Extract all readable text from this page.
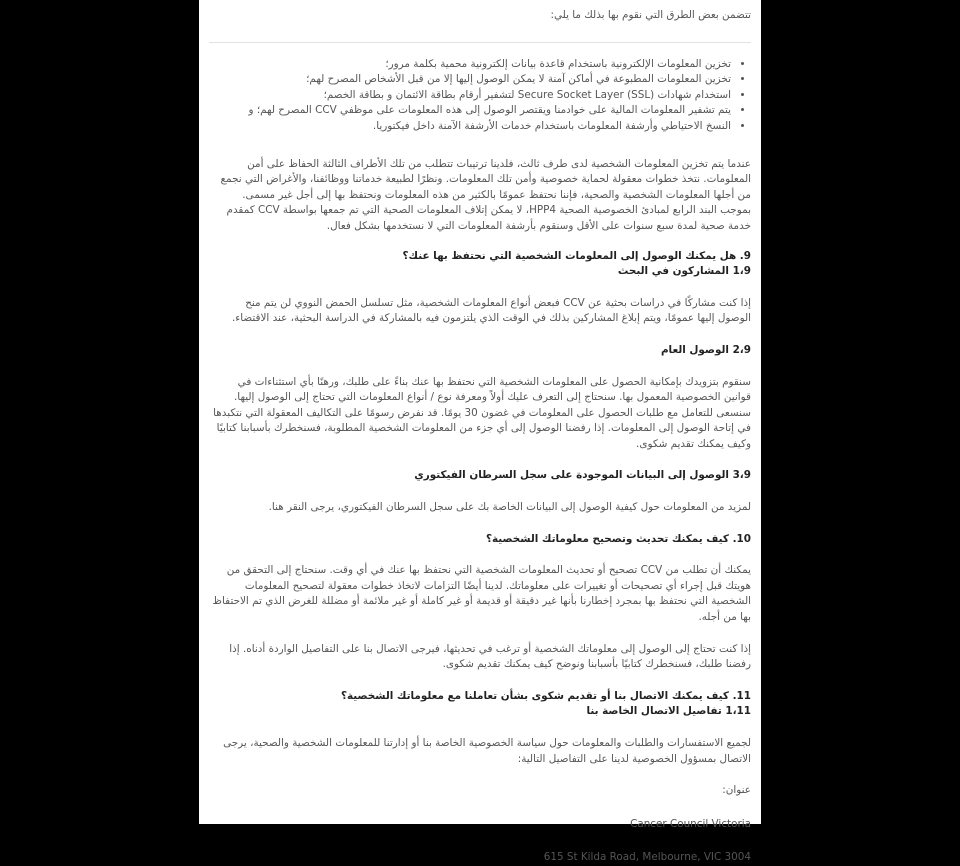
تتضمن بعض الطرق التي نقوم بها بذلك ما يلي:

• تخزين المعلومات الإلكترونية باستخدام قاعدة بيانات إلكترونية محمية بكلمة مرور؛
• تخزين المعلومات المطبوعة في أماكن آمنة لا يمكن الوصول إليها إلا من قبل الأشخاص المصرح لهم؛
• استخدام شهادات Secure Socket Layer (SSL) لتشفير أرقام بطاقة الائتمان و بطاقة الخصم؛
• يتم تشفير المعلومات المالية على خوادمنا ويقتصر الوصول إلى هذه المعلومات على موظفي CCV المصرح لهم؛ و
• النسخ الاحتياطي وأرشفة المعلومات باستخدام خدمات الأرشفة الآمنة داخل فيكتوريا.

عندما يتم تخزين المعلومات الشخصية لدى طرف ثالث، فلدينا ترتيبات تتطلب من تلك الأطراف الثالثة الحفاظ على أمن المعلومات. نتخذ خطوات معقولة لحماية خصوصية وأمن تلك المعلومات. ونظرًا لطبيعة خدماتنا ووظائفنا، والأغراض التي نجمع من أجلها المعلومات الشخصية والصحية، فإننا نحتفظ عمومًا بالكثير من هذه المعلومات ونحتفظ بها إلى أجل غير مسمى. بموجب البند الرابع لمبادئ الخصوصية الصحية HPP4، لا يمكن إتلاف المعلومات الصحية التي تم جمعها بواسطة CCV كمقدم خدمة صحية لمدة سبع سنوات على الأقل وسنقوم بأرشفة المعلومات التي لا نستخدمها بشكل فعال.

9. هل يمكنك الوصول إلى المعلومات الشخصية التي نحتفظ بها عنك؟

1،9 المشاركون في البحث

إذا كنت مشاركًا في دراسات بحثية عن CCV فبعض أنواع المعلومات الشخصية، مثل تسلسل الحمض النووي لن يتم منح الوصول إليها عمومًا، ويتم إبلاغ المشاركين بذلك في الوقت الذي يلتزمون فيه بالمشاركة في الدراسة البحثية، عند الاقتضاء.

2،9 الوصول العام

سنقوم بتزويدك بإمكانية الحصول على المعلومات الشخصية التي نحتفظ بها عنك بناءً على طلبك، ورهنًا بأي استثناءات في قوانين الخصوصية المعمول بها. سنحتاج إلى التعرف عليك أولاً ومعرفة نوع / أنواع المعلومات التي تحتاج إلى الوصول إليها. سنسعى للتعامل مع طلبات الحصول على المعلومات في غضون 30 يومًا. قد نفرض رسومًا على التكاليف المعقولة التي نتكبدها في إتاحة الوصول إلى المعلومات. إذا رفضنا الوصول إلى أي جزء من المعلومات الشخصية المطلوبة، فسنخطرك بأسبابنا كتابيًا وكيف يمكنك تقديم شكوى.

3،9 الوصول إلى البيانات الموجودة على سجل السرطان الفيكتوري

لمزيد من المعلومات حول كيفية الوصول إلى البيانات الخاصة بك على سجل السرطان الفيكتوري، يرجى النقر هنا.

10. كيف يمكنك تحديث وتصحيح معلوماتك الشخصية؟

يمكنك أن تطلب من CCV تصحيح أو تحديث المعلومات الشخصية التي نحتفظ بها عنك في أي وقت. سنحتاج إلى التحقق من هويتك قبل إجراء أي تصحيحات أو تغييرات على معلوماتك. لدينا أيضًا التزامات لاتخاذ خطوات معقولة لتصحيح المعلومات الشخصية التي نحتفظ بها بمجرد إخطارنا بأنها غير دقيقة أو قديمة أو غير كاملة أو غير ملائمة أو مضللة للغرض الذي تم الاحتفاظ بها من أجله.

إذا كنت تحتاج إلى الوصول إلى معلوماتك الشخصية أو ترغب في تحديثها، فيرجى الاتصال بنا على التفاصيل الواردة أدناه. إذا رفضنا طلبك، فسنخطرك كتابيًا بأسبابنا ونوضح كيف يمكنك تقديم شكوى.

11. كيف يمكنك الاتصال بنا أو تقديم شكوى بشأن تعاملنا مع معلوماتك الشخصية؟

1،11 تفاصيل الاتصال الخاصة بنا

لجميع الاستفسارات والطلبات والمعلومات حول سياسة الخصوصية الخاصة بنا أو إدارتنا للمعلومات الشخصية والصحية، يرجى الاتصال بمسؤول الخصوصية لدينا على التفاصيل التالية:

عنوان:

Cancer Council Victoria

615 St Kilda Road, Melbourne, VIC 3004
